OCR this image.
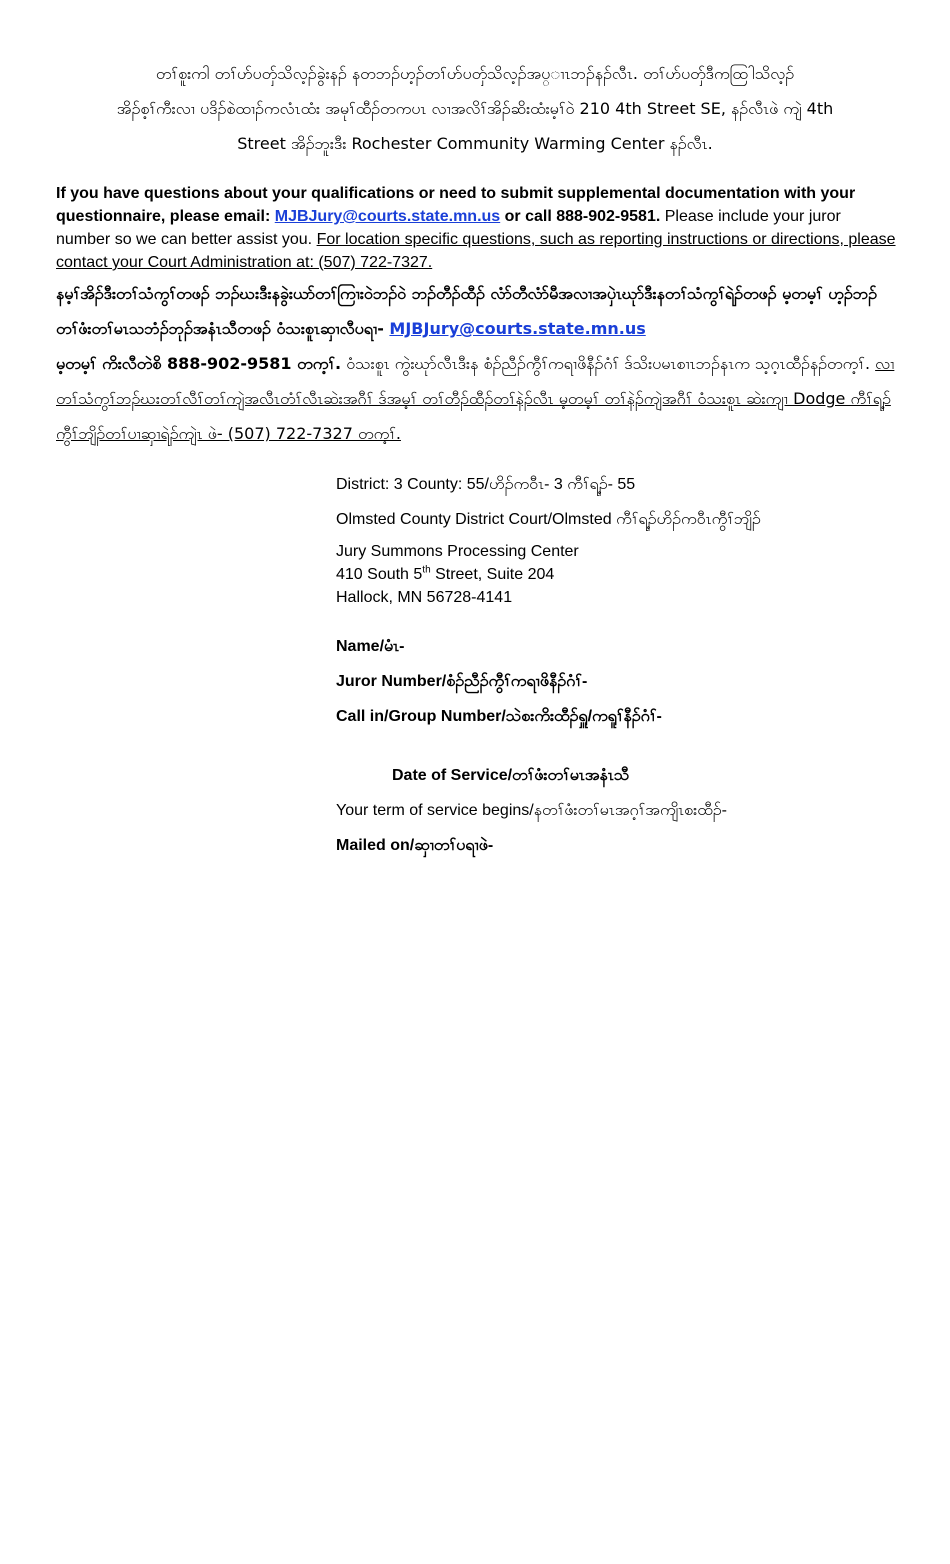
တၢ်စူးကါ တၢ်ဟ်ပတှ်သိလ့ၣ်ခွဲးနၣ် နတဘၣ်ဟ့ၣ်တၢ်ဟ်ပတှ်သိလ့ၣ်အပ္ၢၤဘၣ်နၣ်လီၤ. တၢ်ဟ်ပတှ်ဒီကထြါသိလ့ၣ်
အိၣ်စ့ၢ်ကီးလၢ ပဒိၣ်စဲထၢၣ်ကလံၤထံး အမုၢ်ထီၣ်တကပၤ လၢအလိၢ်အိၣ်ဆိးထံးမ့ၢ်ဝဲ 210 4th Street SE, နၣ်လီၤဖဲ ကျဲ 4th
Street အိၣ်ဘူးဒီး Rochester Community Warming Center နၣ်လီၤ.
If you have questions about your qualifications or need to submit supplemental documentation with your questionnaire, please email: MJBJury@courts.state.mn.us or call 888-902-9581. Please include your juror number so we can better assist you. For location specific questions, such as reporting instructions or directions, please contact your Court Administration at: (507) 722-7327.
နမ့ၢ်အိၣ်ဒီးတၢ်သံကွၢ်တဖၣ် ဘၣ်ဃးဒီးနခွဲးယာ်တၢ်ကြၢးဝဲဘၣ်ဝဲ ဘၣ်တီၣ်ထီၣ် လံာ်တီလံာ်မီအလၢအပှဲၤဃုာ်ဒီးနတၢ်သံကွၢ်ရဲၣ်တဖၣ် မ့တမ့ၢ် ဟ့ၣ်ဘၣ်တၢ်ဖံးတၢ်မၤသဘံၣ်ဘုၣ်အနံၤသီတဖၣ် ဝံသးစူၤဆှၢလီပရၢ- MJBJury@courts.state.mn.us
မ့တမ့ၢ် ကိးလီတဲစိ 888-902-9581 တက့ၢ်. ဝံသးစူၤ ကွဲးဃုာ်လီၤဒီးန စံၣ်ညီၣ်ကွီၢ်ကရၢဖိနီၣ်ဂံၢ် ဒ်သိးပမၤစၢၤဘၣ်နၤက သ့ဂ့ၤထီၣ်နၣ်တက့ၢ်. လၢတၢ်သံကွၢ်ဘၣ်ဃးတၢ်လီၢ်တၢ်ကျဲအလီၤတံၢ်လီၤဆဲးအဂီၢ် ဒ်အမ့ၢ် တၢ်တီၣ်ထီၣ်တၢ်နဲၣ်လီၤ မ့တမ့ၢ် တၢ်နဲၣ်ကျဲအဂီၢ် ဝံသးစူၤ ဆဲးကျၢ Dodge ကီၢ်ရ့ၣ်ကွီၢ်ဘျိၣ်တၢ်ပၢဆှၢရဲၣ်ကျဲၤ ဖဲ- (507) 722-7327 တက့ၢ်.
District: 3 County: 55/ဟိၣ်ကဝီၤ- 3 ကီၢ်ရ့ၣ်- 55
Olmsted County District Court/Olmsted ကီၢ်ရ့ၣ်ဟိၣ်ကဝီၤကွီၢ်ဘျိၣ်
Jury Summons Processing Center
410 South 5th Street, Suite 204
Hallock, MN 56728-4141
Name/မံၤ-
Juror Number/စံၣ်ညီၣ်ကွီၢ်ကရၢဖိနီၣ်ဂံၢ်-
Call in/Group Number/သဲစးကိးထီၣ်ရှူ/ကရူၢ်နီၣ်ဂံၢ်-
Date of Service/တၢ်ဖံးတၢ်မၤအနံၤသီ
Your term of service begins/နတၢ်ဖံးတၢ်မၤအဂ့ၢ်အကျိၤစးထီၣ်-
Mailed on/ဆှၢတၢ်ပရၢဖဲ-
